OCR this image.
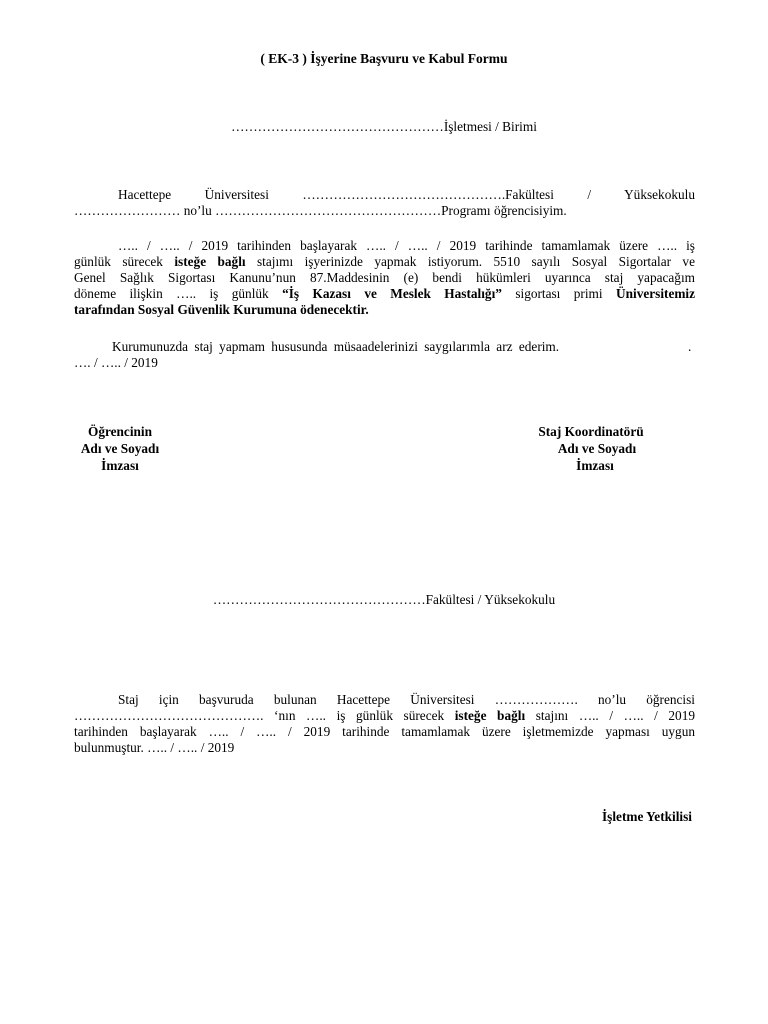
( EK-3 ) İşyerine Başvuru ve Kabul Formu
…………………………………………İşletmesi / Birimi
Hacettepe Üniversitesi ……………………………………….Fakültesi / Yüksekokulu
…………………… no’lu ……………………………………………Programı öğrencisiyim.
….. / ….. / 2019 tarihinden başlayarak ….. / ….. / 2019 tarihinde tamamlamak üzere ….. iş
günlük sürecek isteğe bağlı stajımı işyerinizde yapmak istiyorum. 5510 sayılı Sosyal Sigortalar ve
Genel Sağlık Sigortası Kanunu’nun 87.Maddesinin (e) bendi hükümleri uyarınca staj yapacağım
döneme ilişkin ….. iş günlük “İş Kazası ve Meslek Hastalığı” sigortası primi Üniversitemiz
tarafından Sosyal Güvenlik Kurumuna ödenecektir.
Kurumunuzda staj yapmam hususunda müsaadelerinizi saygılarımla arz ederim.	.
…. / ….. / 2019
Öğrencinin
Adı ve Soyadı
İmzası
Staj Koordinatörü
Adı ve Soyadı
İmzası
…………………………………………Fakültesi / Yüksekokulu
Staj için başvuruda bulunan Hacettepe Üniversitesi ………………. no’lu öğrencisi
……………………………………. ‘nın ….. iş günlük sürecek isteğe bağlı stajını ….. / ….. / 2019
tarihinden başlayarak ….. / ….. / 2019 tarihinde tamamlamak üzere işletmemizde yapması uygun
bulunmuştur. ….. / ….. / 2019
İşletme Yetkilisi
